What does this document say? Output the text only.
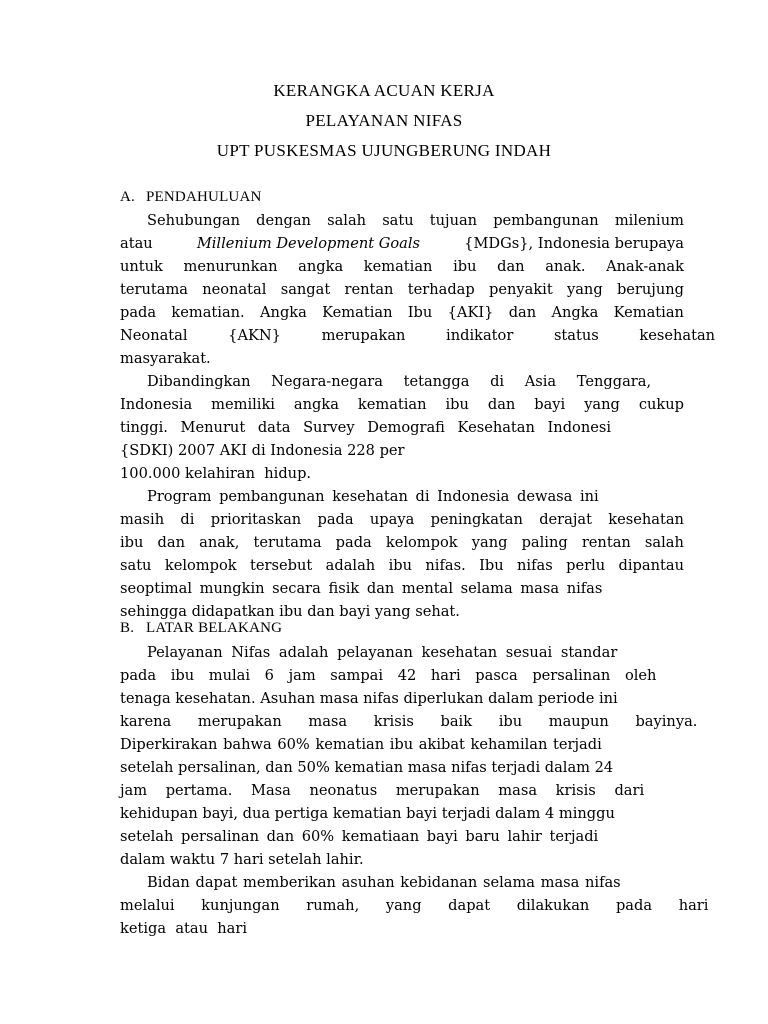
KERANGKA ACUAN KERJA
PELAYANAN NIFAS
UPT PUSKESMAS UJUNGBERUNG INDAH
A. PENDAHULUAN
Sehubungan dengan salah satu tujuan pembangunan milenium
atau	Millenium Development Goals	{MDGs}, Indonesia berupaya
untuk menurunkan angka kematian ibu dan anak. Anak-anak
terutama neonatal sangat rentan terhadap penyakit yang berujung
pada kematian. Angka Kematian Ibu {AKI} dan Angka Kematian
Neonatal {AKN} merupakan indikator status kesehatan
masyarakat.
Dibandingkan Negara-negara tetangga di Asia Tenggara,
Indonesia memiliki angka kematian ibu dan bayi yang cukup
tinggi. Menurut data Survey Demografi Kesehatan Indonesi
{SDKI) 2007 AKI di Indonesia 228 per
100.000 kelahiran  hidup.
Program pembangunan kesehatan di Indonesia dewasa ini
masih di prioritaskan pada upaya peningkatan derajat kesehatan
ibu dan anak, terutama pada kelompok yang paling rentan salah
satu kelompok tersebut adalah ibu nifas. Ibu nifas perlu dipantau
seoptimal mungkin secara fisik dan mental selama masa nifas
sehingga didapatkan ibu dan bayi yang sehat.
B. LATAR BELAKANG
Pelayanan Nifas adalah pelayanan kesehatan sesuai standar
pada ibu mulai 6 jam sampai 42 hari pasca persalinan oleh
tenaga kesehatan. Asuhan masa nifas diperlukan dalam periode ini
karena merupakan masa krisis baik ibu maupun bayinya.
Diperkirakan bahwa 60% kematian ibu akibat kehamilan terjadi
setelah persalinan, dan 50% kematian masa nifas terjadi dalam 24
jam pertama. Masa neonatus merupakan masa krisis dari
kehidupan bayi, dua pertiga kematian bayi terjadi dalam 4 minggu
setelah persalinan dan 60% kematiaan bayi baru lahir terjadi
dalam waktu 7 hari setelah lahir.
Bidan dapat memberikan asuhan kebidanan selama masa nifas
melalui kunjungan rumah, yang dapat dilakukan pada hari
ketiga  atau  hari
